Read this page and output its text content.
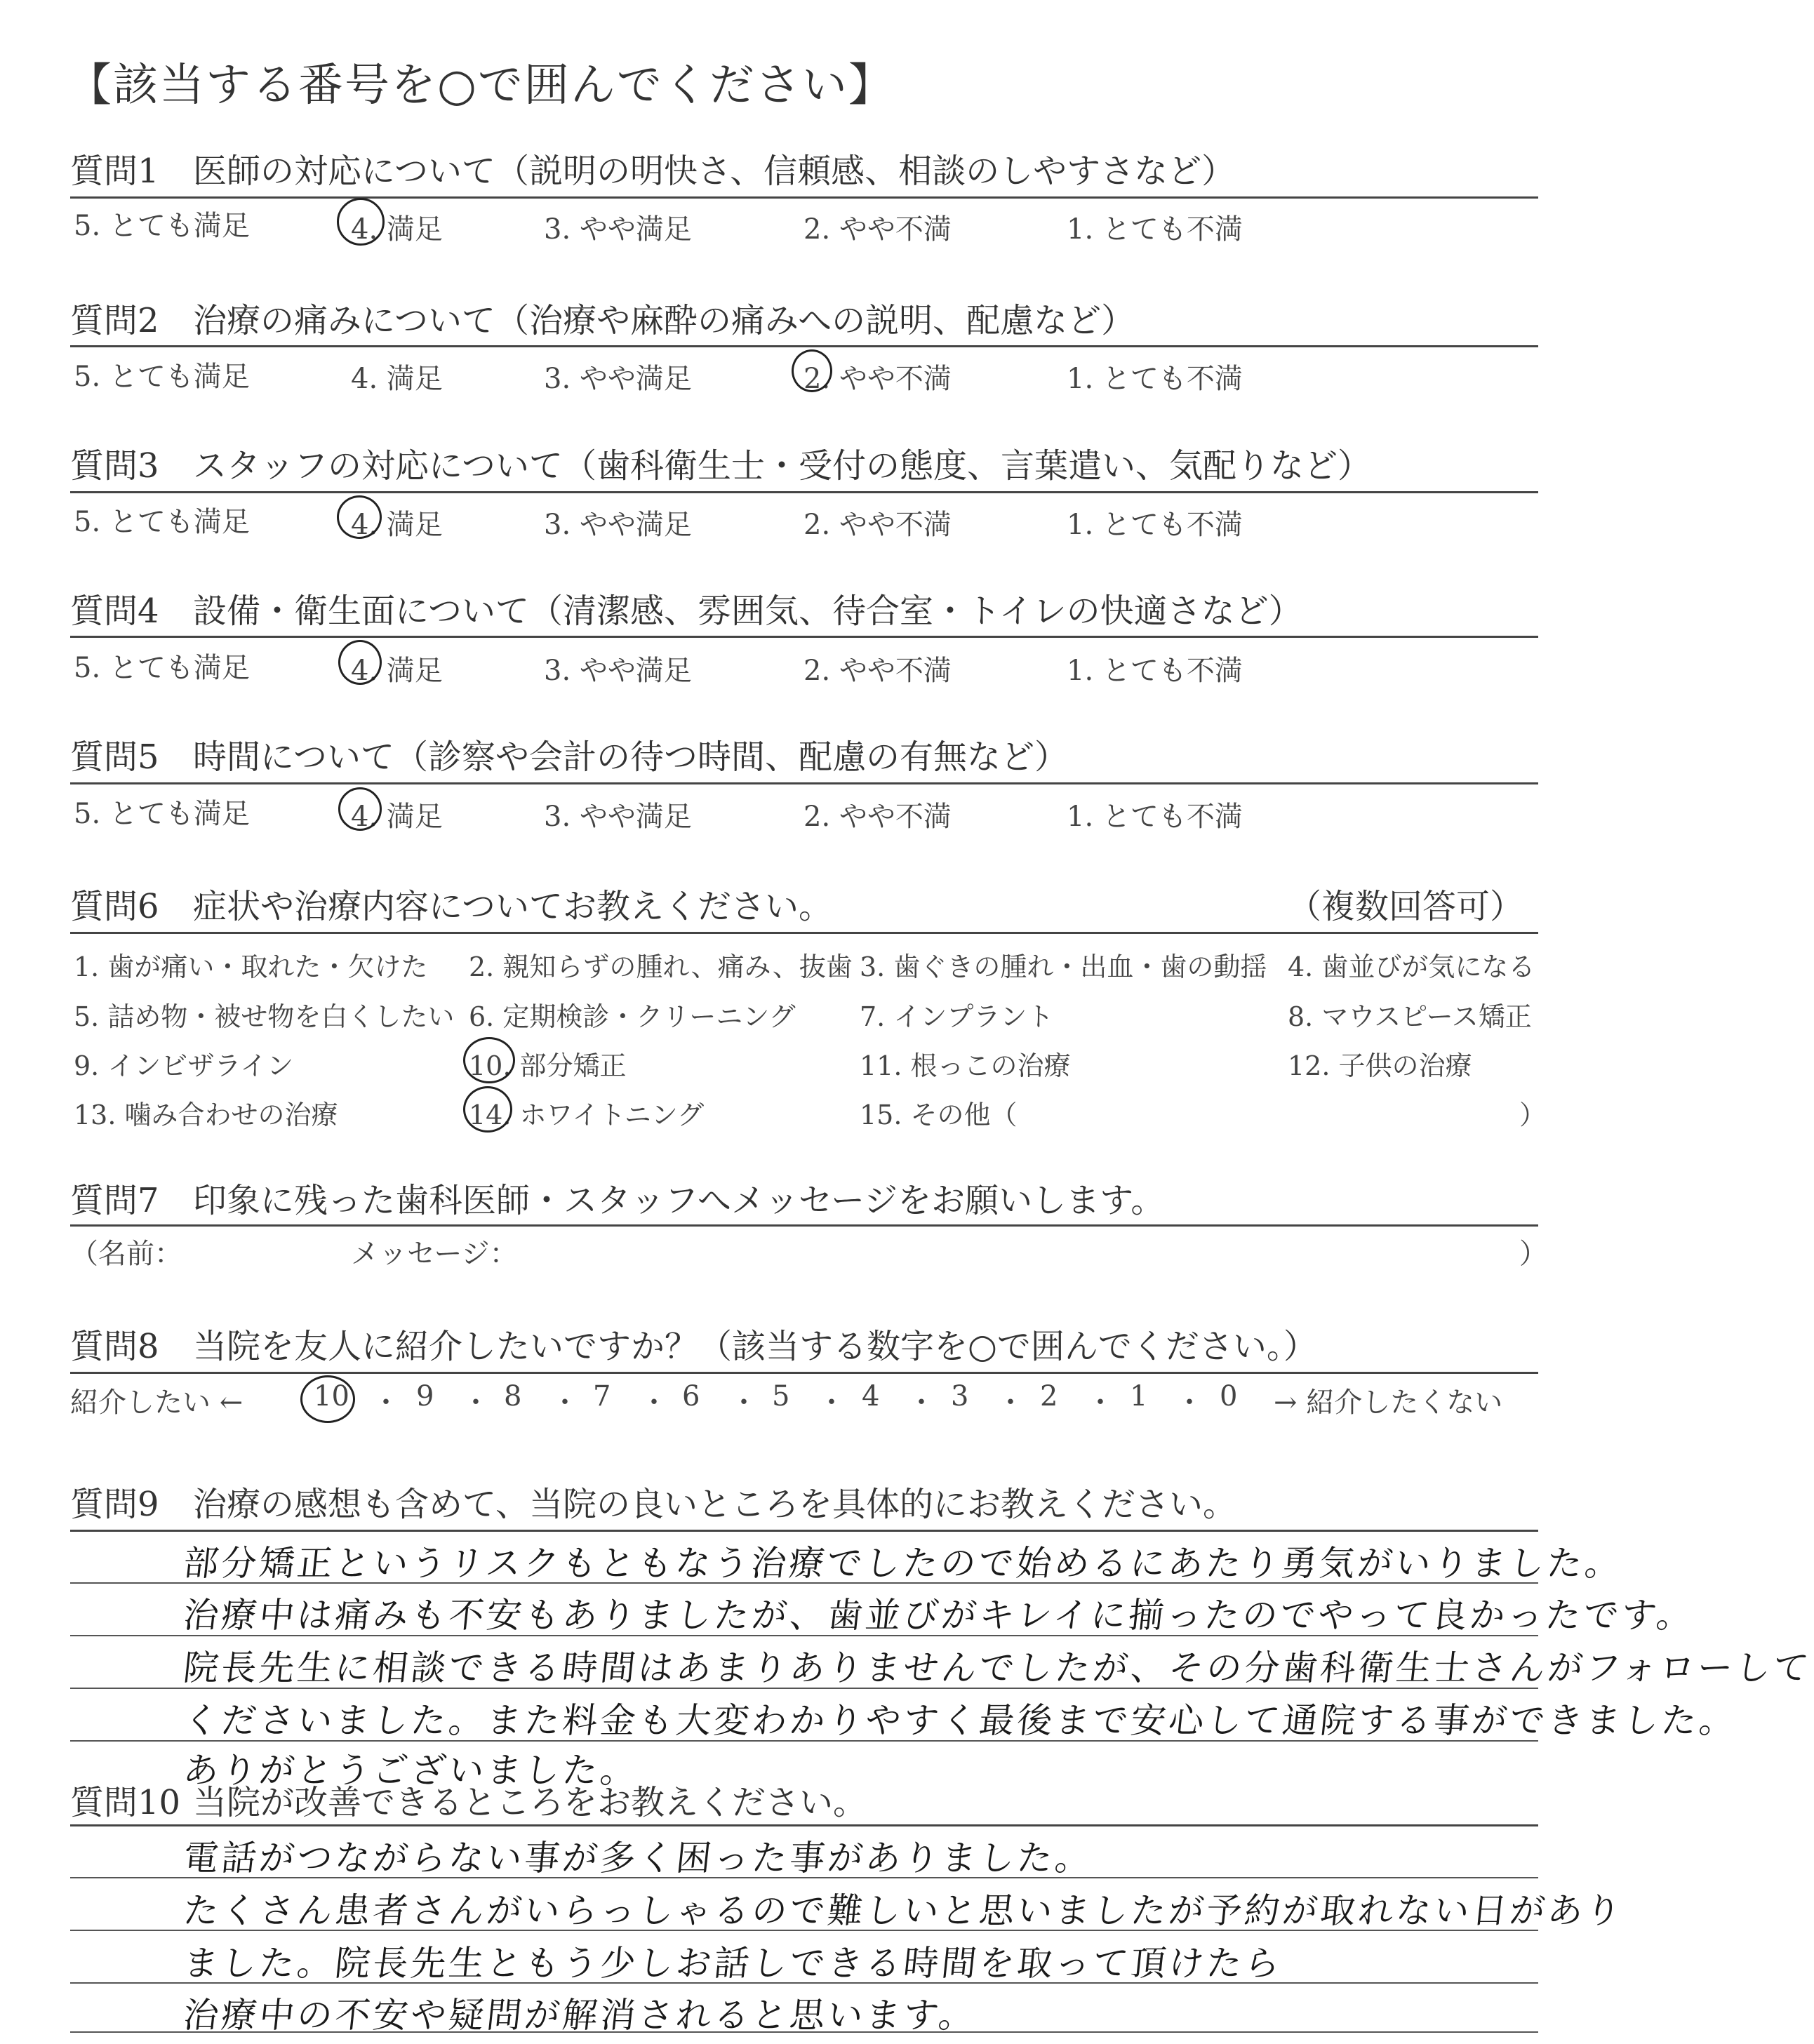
【該当する番号を○で囲んでください】
質問1 医師の対応について（説明の明快さ、信頼感、相談のしやすさなど）
5. とても満足	4. 満足	3. やや満足	2. やや不満	1. とても不満
質問2 治療の痛みについて（治療や麻酔の痛みへの説明、配慮など）
5. とても満足	4. 満足	3. やや満足	2. やや不満	1. とても不満
質問3 スタッフの対応について（歯科衛生士・受付の態度、言葉遣い、気配りなど）
5. とても満足	4. 満足	3. やや満足	2. やや不満	1. とても不満
質問4 設備・衛生面について（清潔感、雰囲気、待合室・トイレの快適さなど）
5. とても満足	4. 満足	3. やや満足	2. やや不満	1. とても不満
質問5 時間について（診察や会計の待つ時間、配慮の有無など）
5. とても満足	4. 満足	3. やや満足	2. やや不満	1. とても不満
質問6 症状や治療内容についてお教えください。	（複数回答可）
1. 歯が痛い・取れた・欠けた 2. 親知らずの腫れ、痛み、抜歯 3. 歯ぐきの腫れ・出血・歯の動揺 4. 歯並びが気になる
5. 詰め物・被せ物を白くしたい 6. 定期検診・クリーニング 7. インプラント	8. マウスピース矯正
9. インビザライン	10. 部分矯正	11. 根っこの治療	12. 子供の治療
13. 噛み合わせの治療	14. ホワイトニング	15. その他（	）
質問7 印象に残った歯科医師・スタッフへメッセージをお願いします。
（名前：	メッセージ：	）
質問8 当院を友人に紹介したいですか？（該当する数字を○で囲んでください。）
紹介したい ←	10 ・ 9 ・ 8 ・ 7 ・ 6 ・ 5 ・ 4 ・ 3 ・ 2 ・ 1 ・ 0 → 紹介したくない
質問9 治療の感想も含めて、当院の良いところを具体的にお教えください。
部分矯正というリスクもともなう治療でしたので始めるにあたり勇気がいりました。
治療中は痛みも不安もありましたが、歯並びがキレイに揃ったのでやって良かったです。
院長先生に相談できる時間はあまりありませんでしたが、その分歯科衛生士さんがフォローして
くださいました。また料金も大変わかりやすく最後まで安心して通院する事ができました。
ありがとうございました。
質問10 当院が改善できるところをお教えください。
電話がつながらない事が多く困った事がありました。
たくさん患者さんがいらっしゃるので難しいと思いましたが予約が取れない日があり
ました。院長先生ともう少しお話しできる時間を取って頂けたら
治療中の不安や疑問が解消されると思います。
